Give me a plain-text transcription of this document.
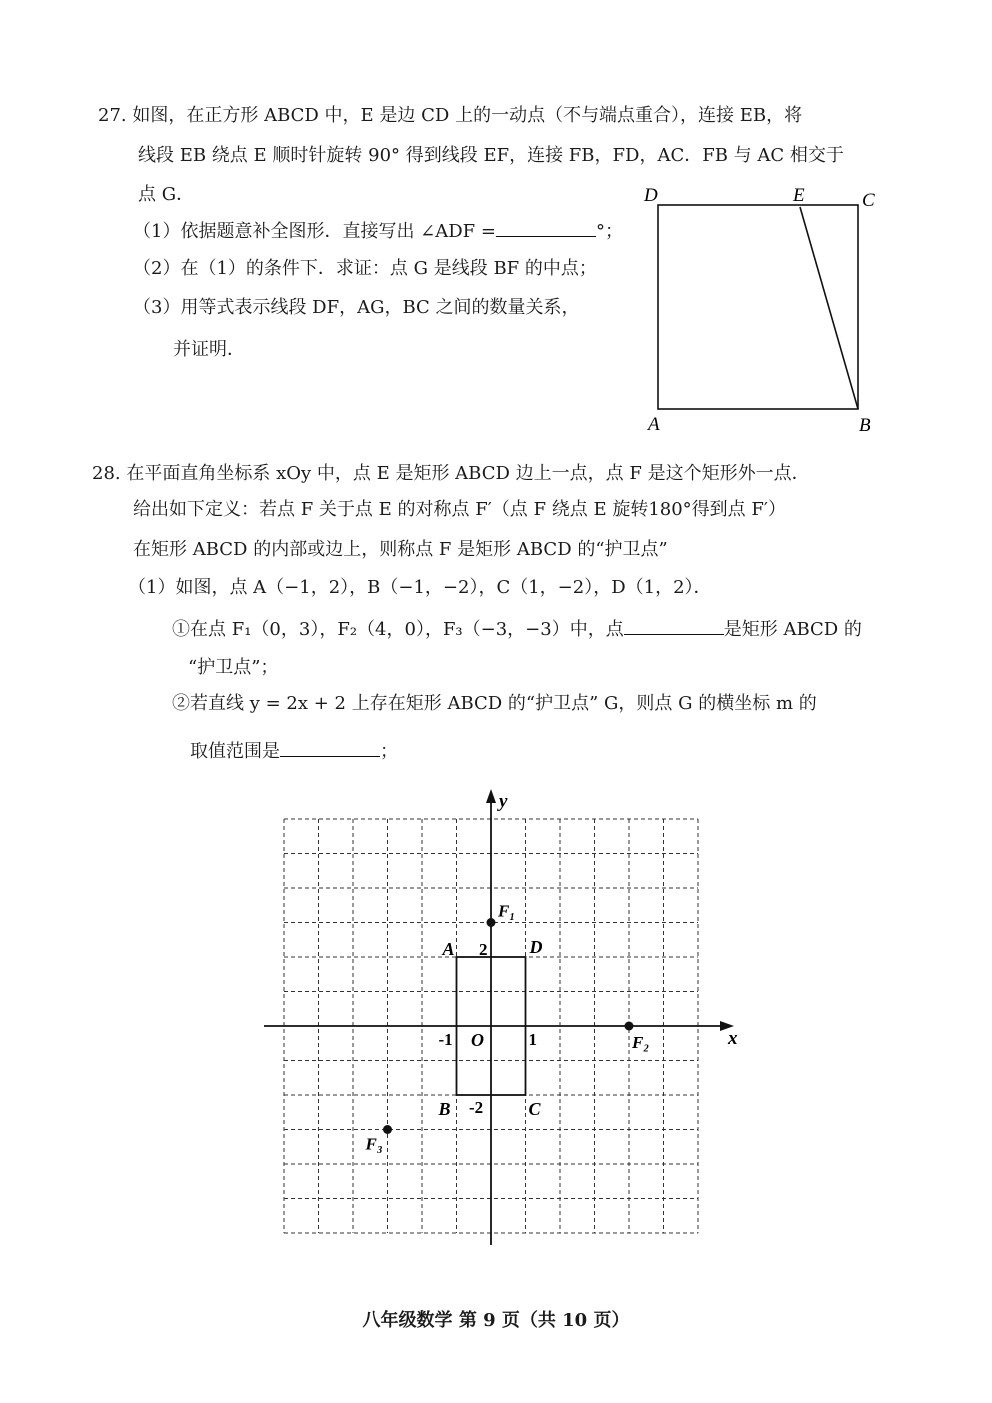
27. 如图，在正方形 ABCD 中，E 是边 CD 上的一动点（不与端点重合），连接 EB，将
线段 EB 绕点 E 顺时针旋转 90° 得到线段 EF，连接 FB，FD，AC．FB 与 AC 相交于
点 G．
（1）依据题意补全图形．直接写出 ∠ADF =	°；
（2）在（1）的条件下．求证：点 G 是线段 BF 的中点；
（3）用等式表示线段 DF，AG，BC 之间的数量关系，
并证明．
D	E	C
A	B
28. 在平面直角坐标系 xOy 中，点 E 是矩形 ABCD 边上一点，点 F 是这个矩形外一点．
给出如下定义：若点 F 关于点 E 的对称点 F′（点 F 绕点 E 旋转180°得到点 F′）
在矩形 ABCD 的内部或边上，则称点 F 是矩形 ABCD 的“护卫点”
（1）如图，点 A（−1，2），B（−1，−2），C（1，−2），D（1，2）．
①在点 F₁（0，3），F₂（4，0），F₃（−3，−3）中，点	是矩形 ABCD 的
“护卫点”；
②若直线 y = 2x + 2 上存在矩形 ABCD 的“护卫点” G，则点 G 的横坐标 m 的
取值范围是	；
x
y
O
A
B	C
D
2
-2
1
-1
F₁
F₂
F₃
八年级数学 第 9 页（共 10 页）
